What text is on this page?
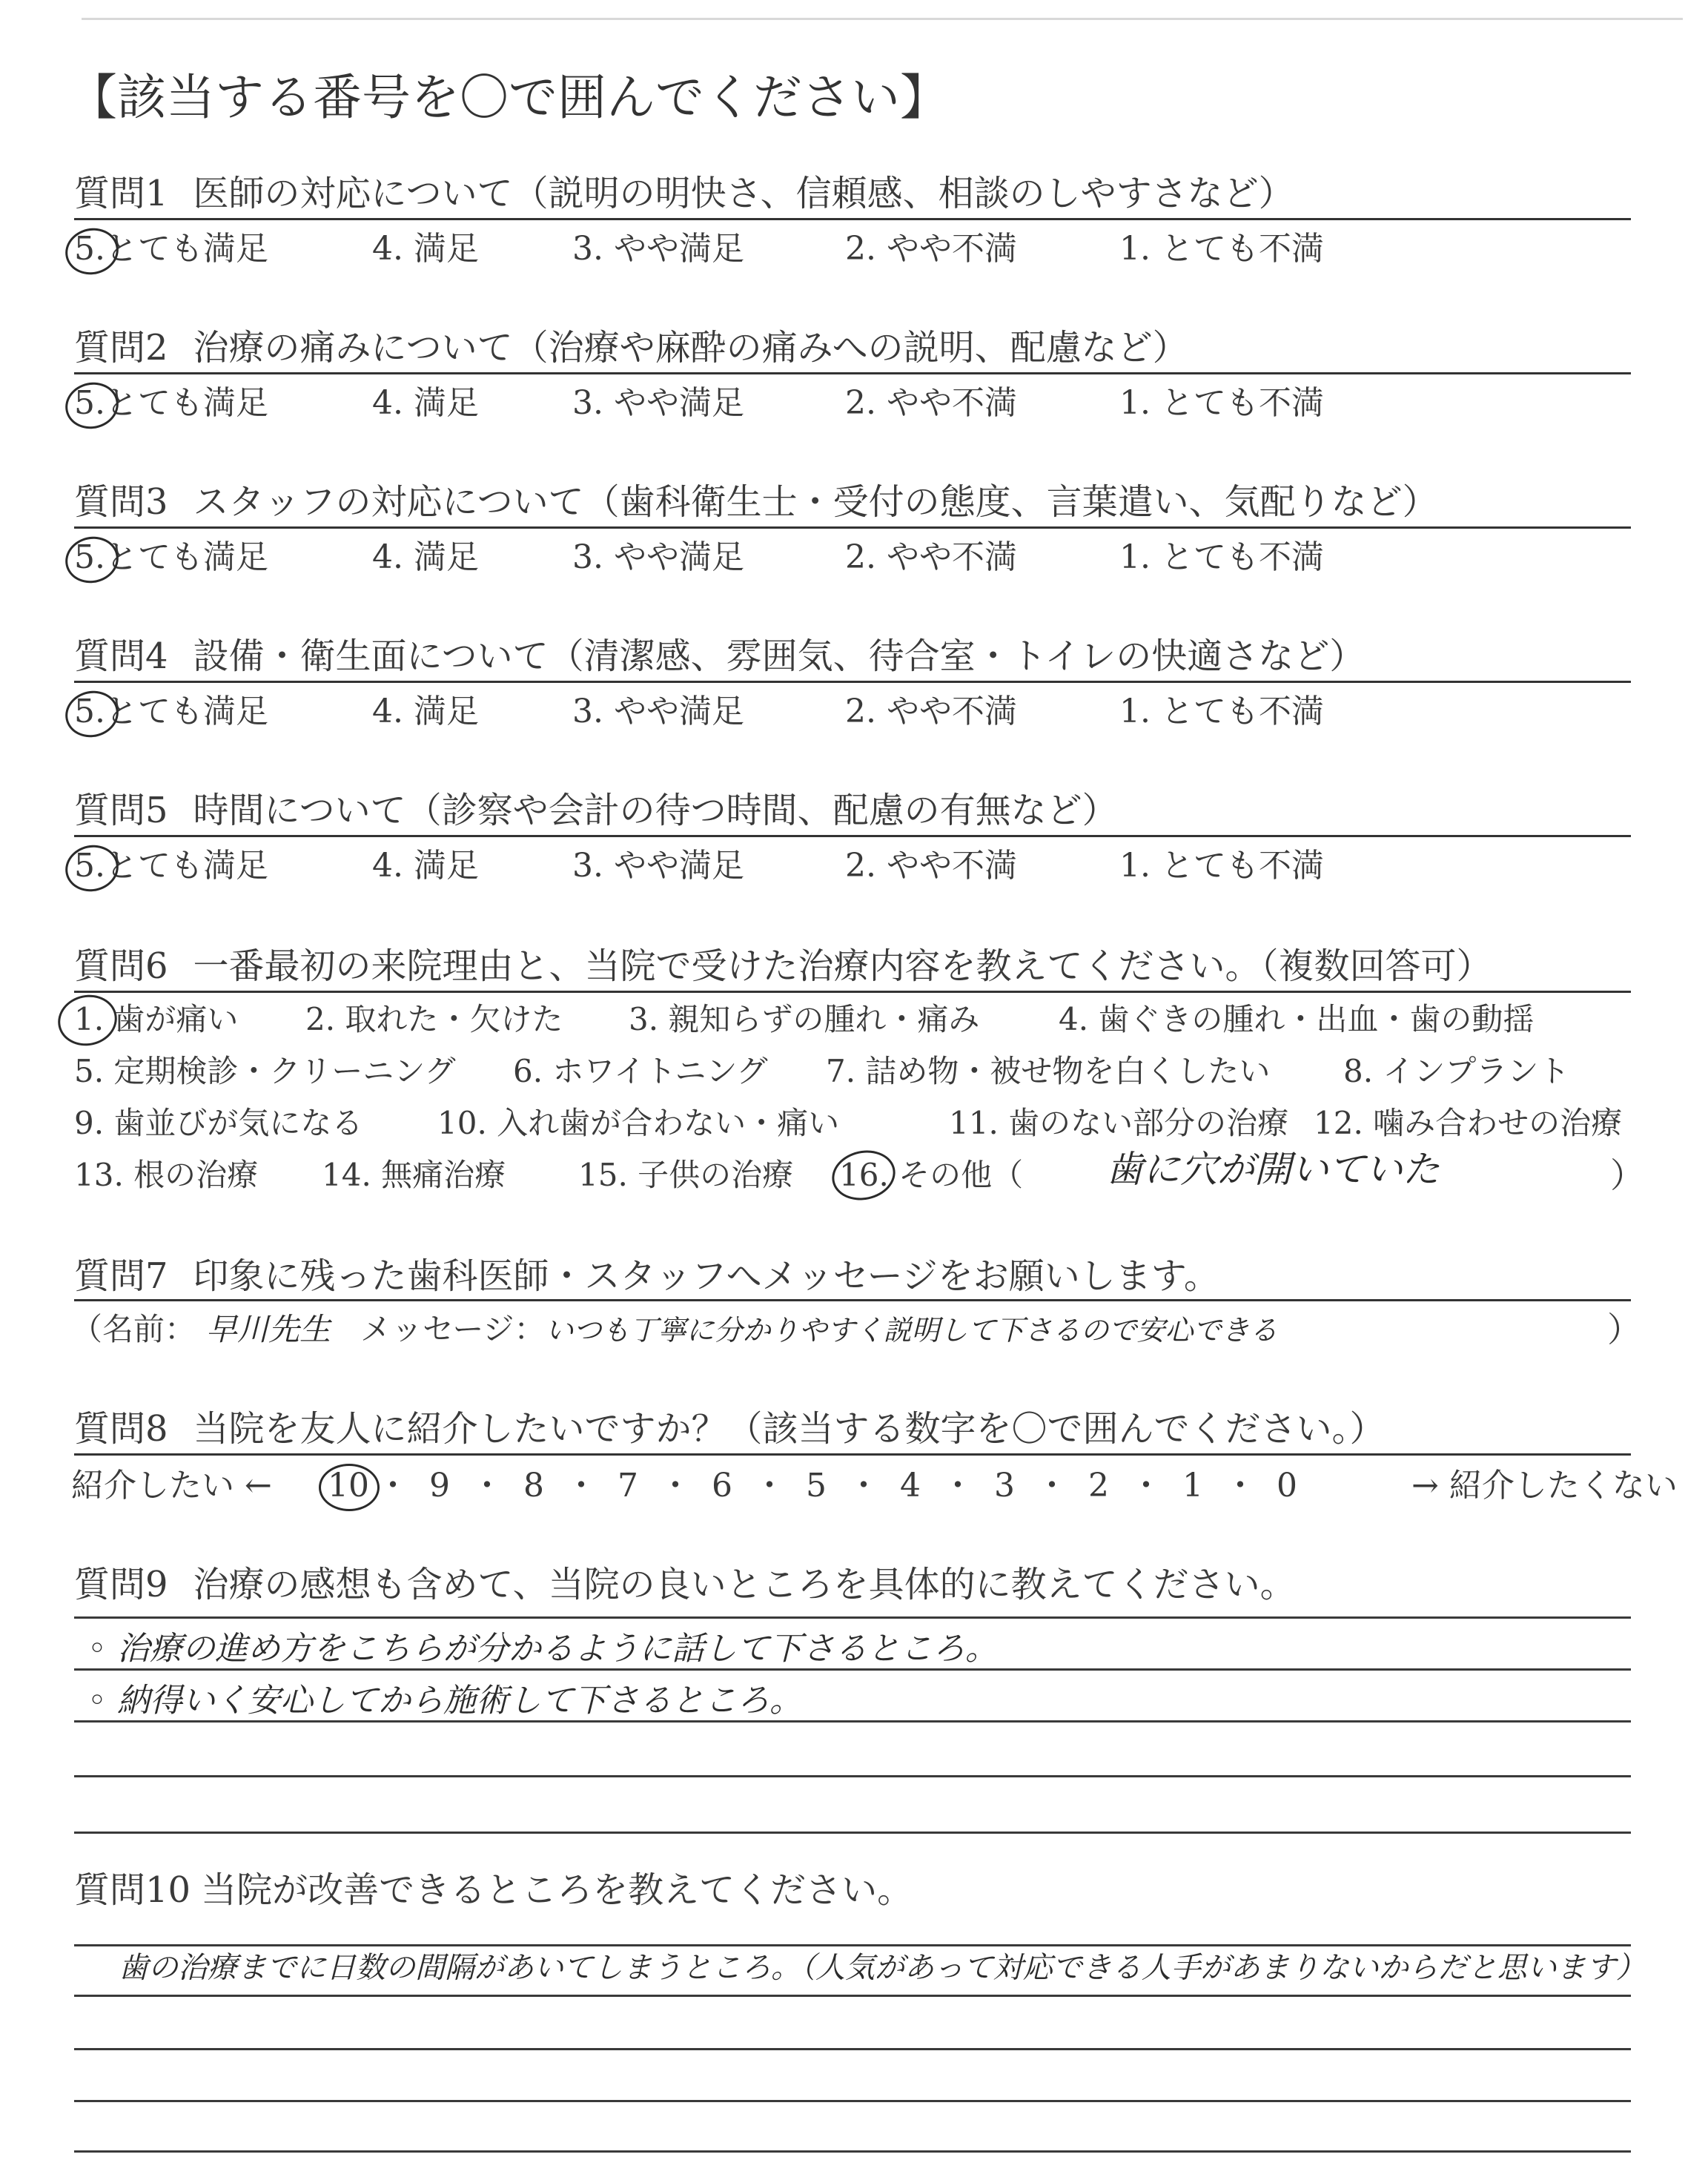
【該当する番号を〇で囲んでください】
質問1 医師の対応について（説明の明快さ、信頼感、相談のしやすさなど）
5.とても満足	4. 満足	3. やや満足	2. やや不満	1. とても不満
質問2 治療の痛みについて（治療や麻酔の痛みへの説明、配慮など）
5.とても満足	4. 満足	3. やや満足	2. やや不満	1. とても不満
質問3 スタッフの対応について（歯科衛生士・受付の態度、言葉遣い、気配りなど）
5.とても満足	4. 満足	3. やや満足	2. やや不満	1. とても不満
質問4 設備・衛生面について（清潔感、雰囲気、待合室・トイレの快適さなど）
5.とても満足	4. 満足	3. やや満足	2. やや不満	1. とても不満
質問5 時間について（診察や会計の待つ時間、配慮の有無など）
5.とても満足	4. 満足	3. やや満足	2. やや不満	1. とても不満
質問6 一番最初の来院理由と、当院で受けた治療内容を教えてください。（複数回答可）
1. 歯が痛い 2. 取れた・欠けた 3. 親知らずの腫れ・痛み	4. 歯ぐきの腫れ・出血・歯の動揺
5. 定期検診・クリーニング 6. ホワイトニング 7. 詰め物・被せ物を白くしたい 8. インプラント
9. 歯並びが気になる 10. 入れ歯が合わない・痛い	11. 歯のない部分の治療 12. 噛み合わせの治療
13. 根の治療 14. 無痛治療 15. 子供の治療 16. その他（ 歯に穴が開いていた	）
質問7 印象に残った歯科医師・スタッフへメッセージをお願いします。
（名前： 早川先生 メッセージ：いつも丁寧に分かりやすく説明して下さるので安心できる	）
質問8 当院を友人に紹介したいですか？（該当する数字を〇で囲んでください。）
紹介したい ← 10 ・ 9 ・ 8 ・ 7 ・ 6 ・ 5 ・ 4 ・ 3 ・ 2 ・ 1 ・ 0	→ 紹介したくない
質問9 治療の感想も含めて、当院の良いところを具体的に教えてください。
◦ 治療の進め方をこちらが分かるように話して下さるところ。
◦ 納得いく安心してから施術して下さるところ。
質問10 当院が改善できるところを教えてください。
歯の治療までに日数の間隔があいてしまうところ。（人気があって対応できる人手があまりないからだと思います）
